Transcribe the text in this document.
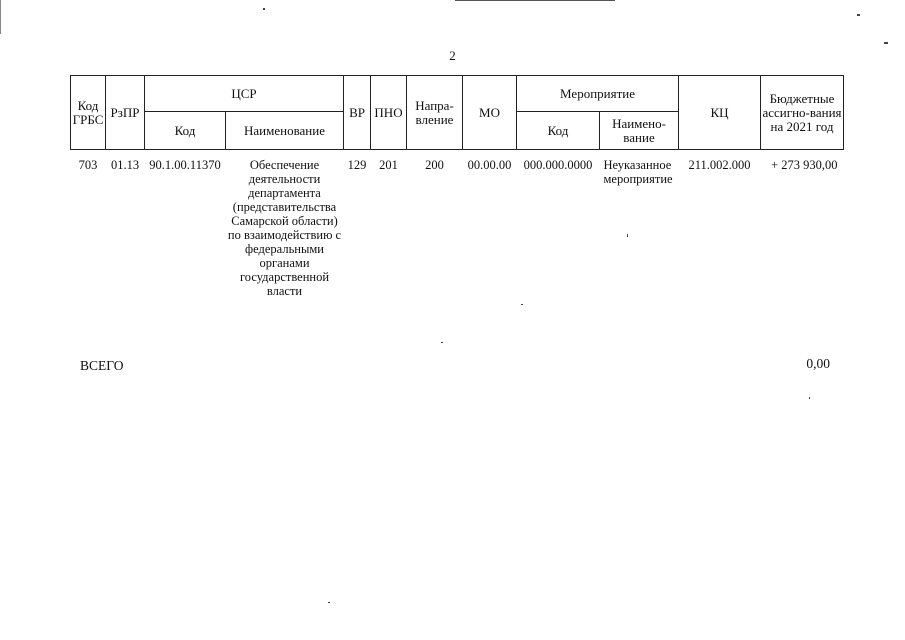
2
Код ГРБС	РзПР	ЦСР		ВР	ПНО	Напра-вление	МО	Мероприятие		КЦ	Бюджетные ассигно-вания на 2021 год
		Код	Наименование					Код	Наимено-вание		
703	01.13	90.1.00.11370	Обеспечение деятельности департамента (представительства Самарской области) по взаимодействию с федеральными органами государственной власти	129	201	200	00.00.00	000.000.0000	Неуказанное мероприятие	211.002.000	+ 273 930,00
ВСЕГО	0,00
